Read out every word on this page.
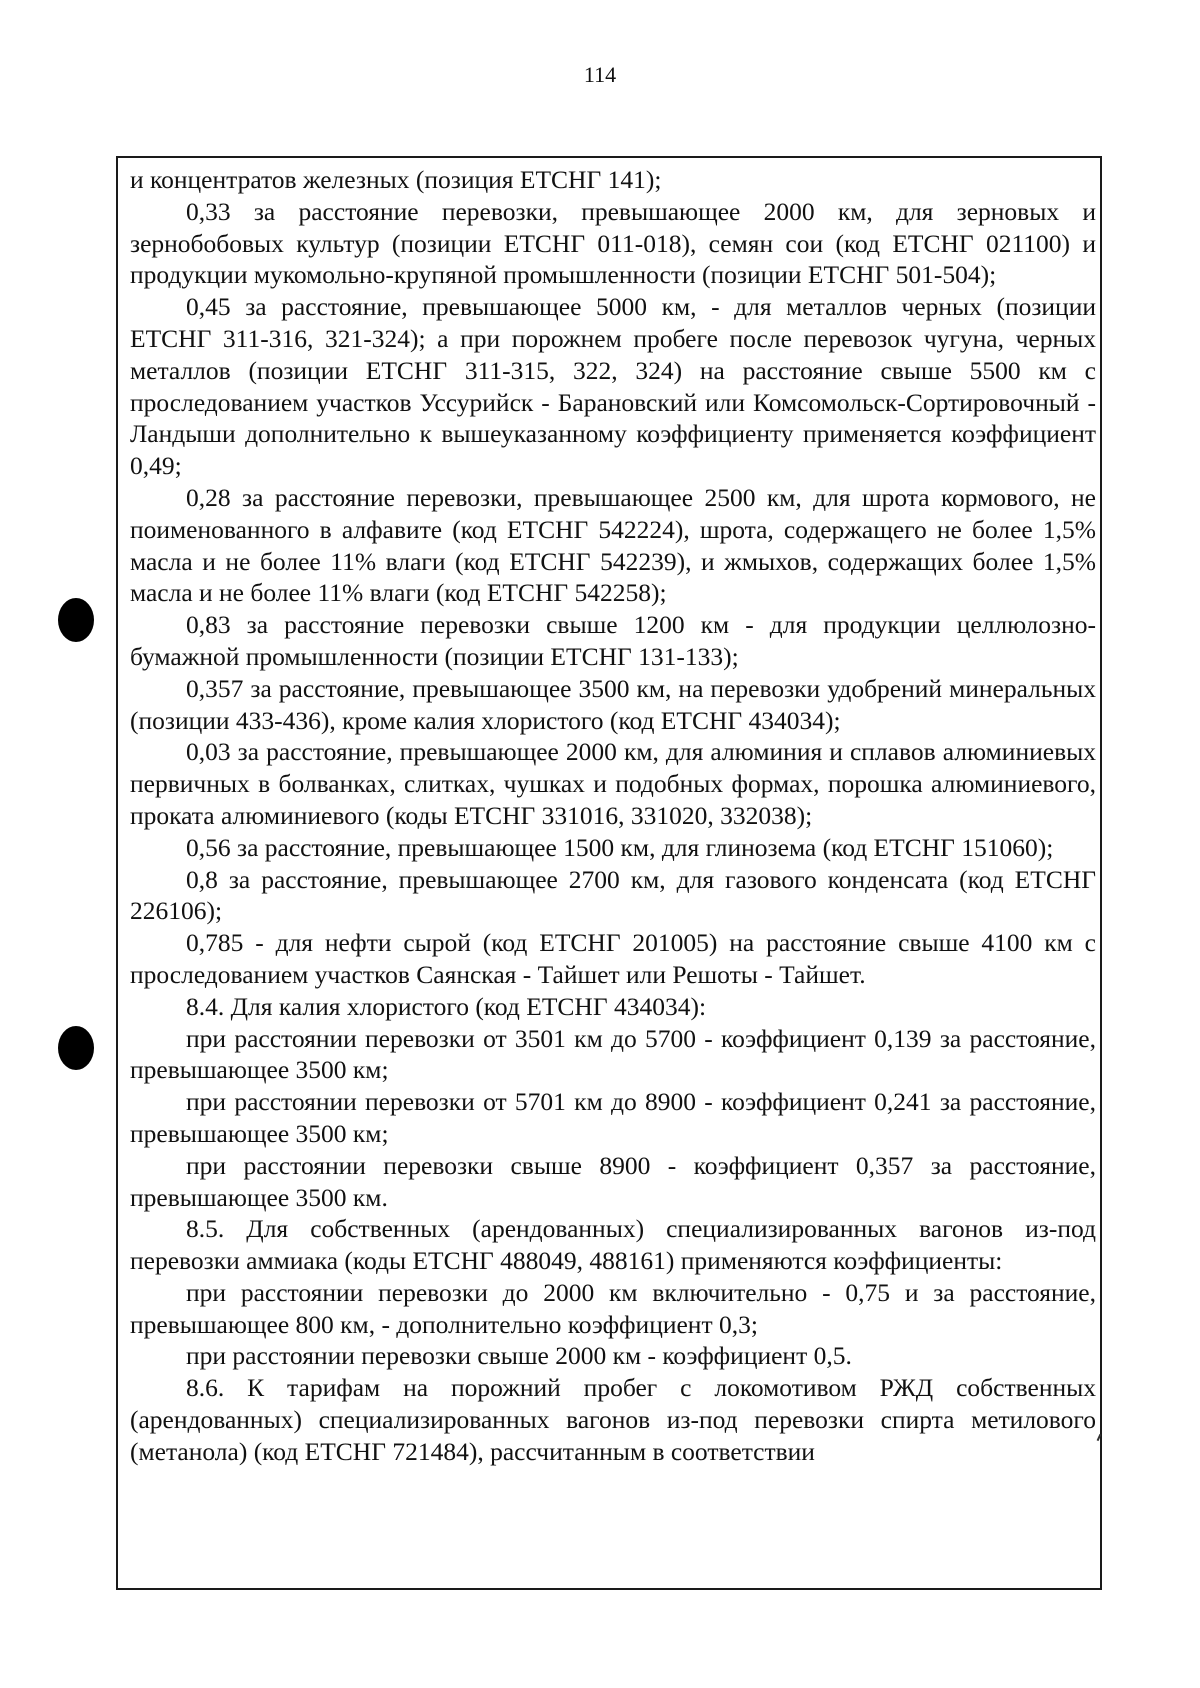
114

и концентратов железных (позиция ЕТСНГ 141);

0,33 за расстояние перевозки, превышающее 2000 км, для зерновых и зернобобовых культур (позиции ЕТСНГ 011-018), семян сои (код ЕТСНГ 021100) и продукции мукомольно-крупяной промышленности (позиции ЕТСНГ 501-504);

0,45 за расстояние, превышающее 5000 км, - для металлов черных (позиции ЕТСНГ 311-316, 321-324); а при порожнем пробеге после перевозок чугуна, черных металлов (позиции ЕТСНГ 311-315, 322, 324) на расстояние свыше 5500 км с проследованием участков Уссурийск - Барановский или Комсомольск-Сортировочный - Ландыши дополнительно к вышеуказанному коэффициенту применяется коэффициент 0,49;

0,28 за расстояние перевозки, превышающее 2500 км, для шрота кормового, не поименованного в алфавите (код ЕТСНГ 542224), шрота, содержащего не более 1,5% масла и не более 11% влаги (код ЕТСНГ 542239), и жмыхов, содержащих более 1,5% масла и не более 11% влаги (код ЕТСНГ 542258);

0,83 за расстояние перевозки свыше 1200 км - для продукции целлюлозно-бумажной промышленности (позиции ЕТСНГ 131-133);

0,357 за расстояние, превышающее 3500 км, на перевозки удобрений минеральных (позиции 433-436), кроме калия хлористого (код ЕТСНГ 434034);

0,03 за расстояние, превышающее 2000 км, для алюминия и сплавов алюминиевых первичных в болванках, слитках, чушках и подобных формах, порошка алюминиевого, проката алюминиевого (коды ЕТСНГ 331016, 331020, 332038);

0,56 за расстояние, превышающее 1500 км, для глинозема (код ЕТСНГ 151060);

0,8 за расстояние, превышающее 2700 км, для газового конденсата (код ЕТСНГ 226106);

0,785 - для нефти сырой (код ЕТСНГ 201005) на расстояние свыше 4100 км с проследованием участков Саянская - Тайшет или Решоты - Тайшет.

8.4. Для калия хлористого (код ЕТСНГ 434034):

при расстоянии перевозки от 3501 км до 5700 - коэффициент 0,139 за расстояние, превышающее 3500 км;

при расстоянии перевозки от 5701 км до 8900 - коэффициент 0,241 за расстояние, превышающее 3500 км;

при расстоянии перевозки свыше 8900 - коэффициент 0,357 за расстояние, превышающее 3500 км.

8.5. Для собственных (арендованных) специализированных вагонов из-под перевозки аммиака (коды ЕТСНГ 488049, 488161) применяются коэффициенты:

при расстоянии перевозки до 2000 км включительно - 0,75 и за расстояние, превышающее 800 км, - дополнительно коэффициент 0,3;

при расстоянии перевозки свыше 2000 км - коэффициент 0,5.

8.6. К тарифам на порожний пробег с локомотивом РЖД собственных (арендованных) специализированных вагонов из-под перевозки спирта метилового (метанола) (код ЕТСНГ 721484), рассчитанным в соответствии
